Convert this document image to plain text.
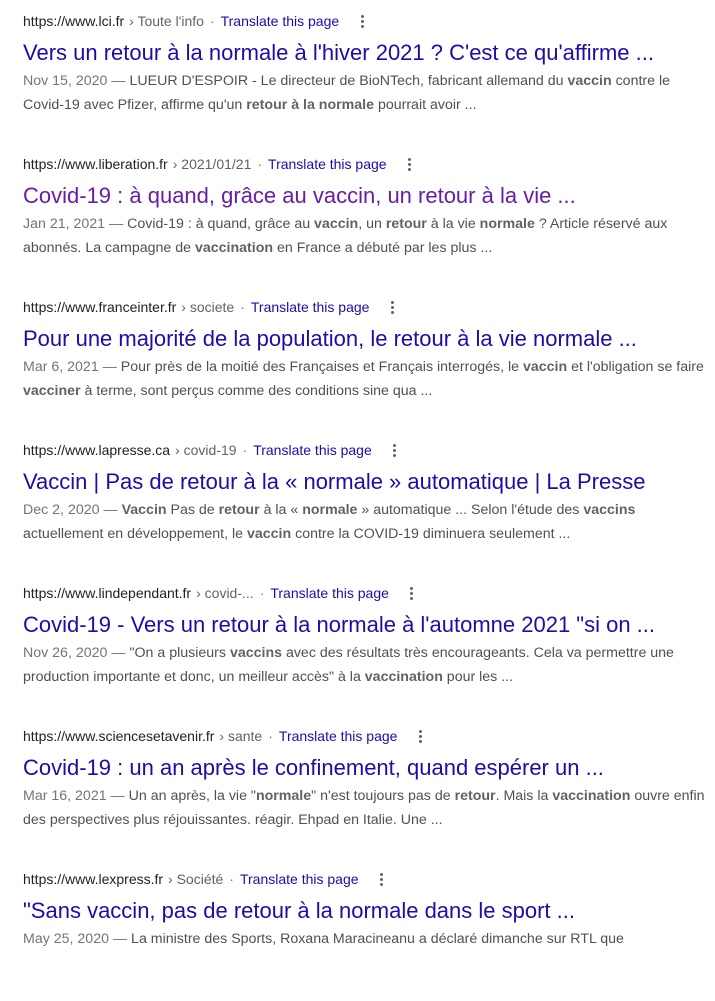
https://www.lci.fr › Toute l'info · Translate this page
Vers un retour à la normale à l'hiver 2021 ? C'est ce qu'affirme ...
Nov 15, 2020 — LUEUR D'ESPOIR - Le directeur de BioNTech, fabricant allemand du vaccin contre le Covid-19 avec Pfizer, affirme qu'un retour à la normale pourrait avoir ...
https://www.liberation.fr › 2021/01/21 · Translate this page
Covid-19 : à quand, grâce au vaccin, un retour à la vie ...
Jan 21, 2021 — Covid-19 : à quand, grâce au vaccin, un retour à la vie normale ? Article réservé aux abonnés. La campagne de vaccination en France a débuté par les plus ...
https://www.franceinter.fr › societe · Translate this page
Pour une majorité de la population, le retour à la vie normale ...
Mar 6, 2021 — Pour près de la moitié des Françaises et Français interrogés, le vaccin et l'obligation se faire vacciner à terme, sont perçus comme des conditions sine qua ...
https://www.lapresse.ca › covid-19 · Translate this page
Vaccin | Pas de retour à la « normale » automatique | La Presse
Dec 2, 2020 — Vaccin Pas de retour à la « normale » automatique ... Selon l'étude des vaccins actuellement en développement, le vaccin contre la COVID-19 diminuera seulement ...
https://www.lindependant.fr › covid-... · Translate this page
Covid-19 - Vers un retour à la normale à l'automne 2021 "si on ...
Nov 26, 2020 — "On a plusieurs vaccins avec des résultats très encourageants. Cela va permettre une production importante et donc, un meilleur accès" à la vaccination pour les ...
https://www.sciencesetavenir.fr › sante · Translate this page
Covid-19 : un an après le confinement, quand espérer un ...
Mar 16, 2021 — Un an après, la vie "normale" n'est toujours pas de retour. Mais la vaccination ouvre enfin des perspectives plus réjouissantes. réagir. Ehpad en Italie. Une ...
https://www.lexpress.fr › Société · Translate this page
"Sans vaccin, pas de retour à la normale dans le sport ...
May 25, 2020 — La ministre des Sports, Roxana Maracineanu a déclaré dimanche sur RTL que
